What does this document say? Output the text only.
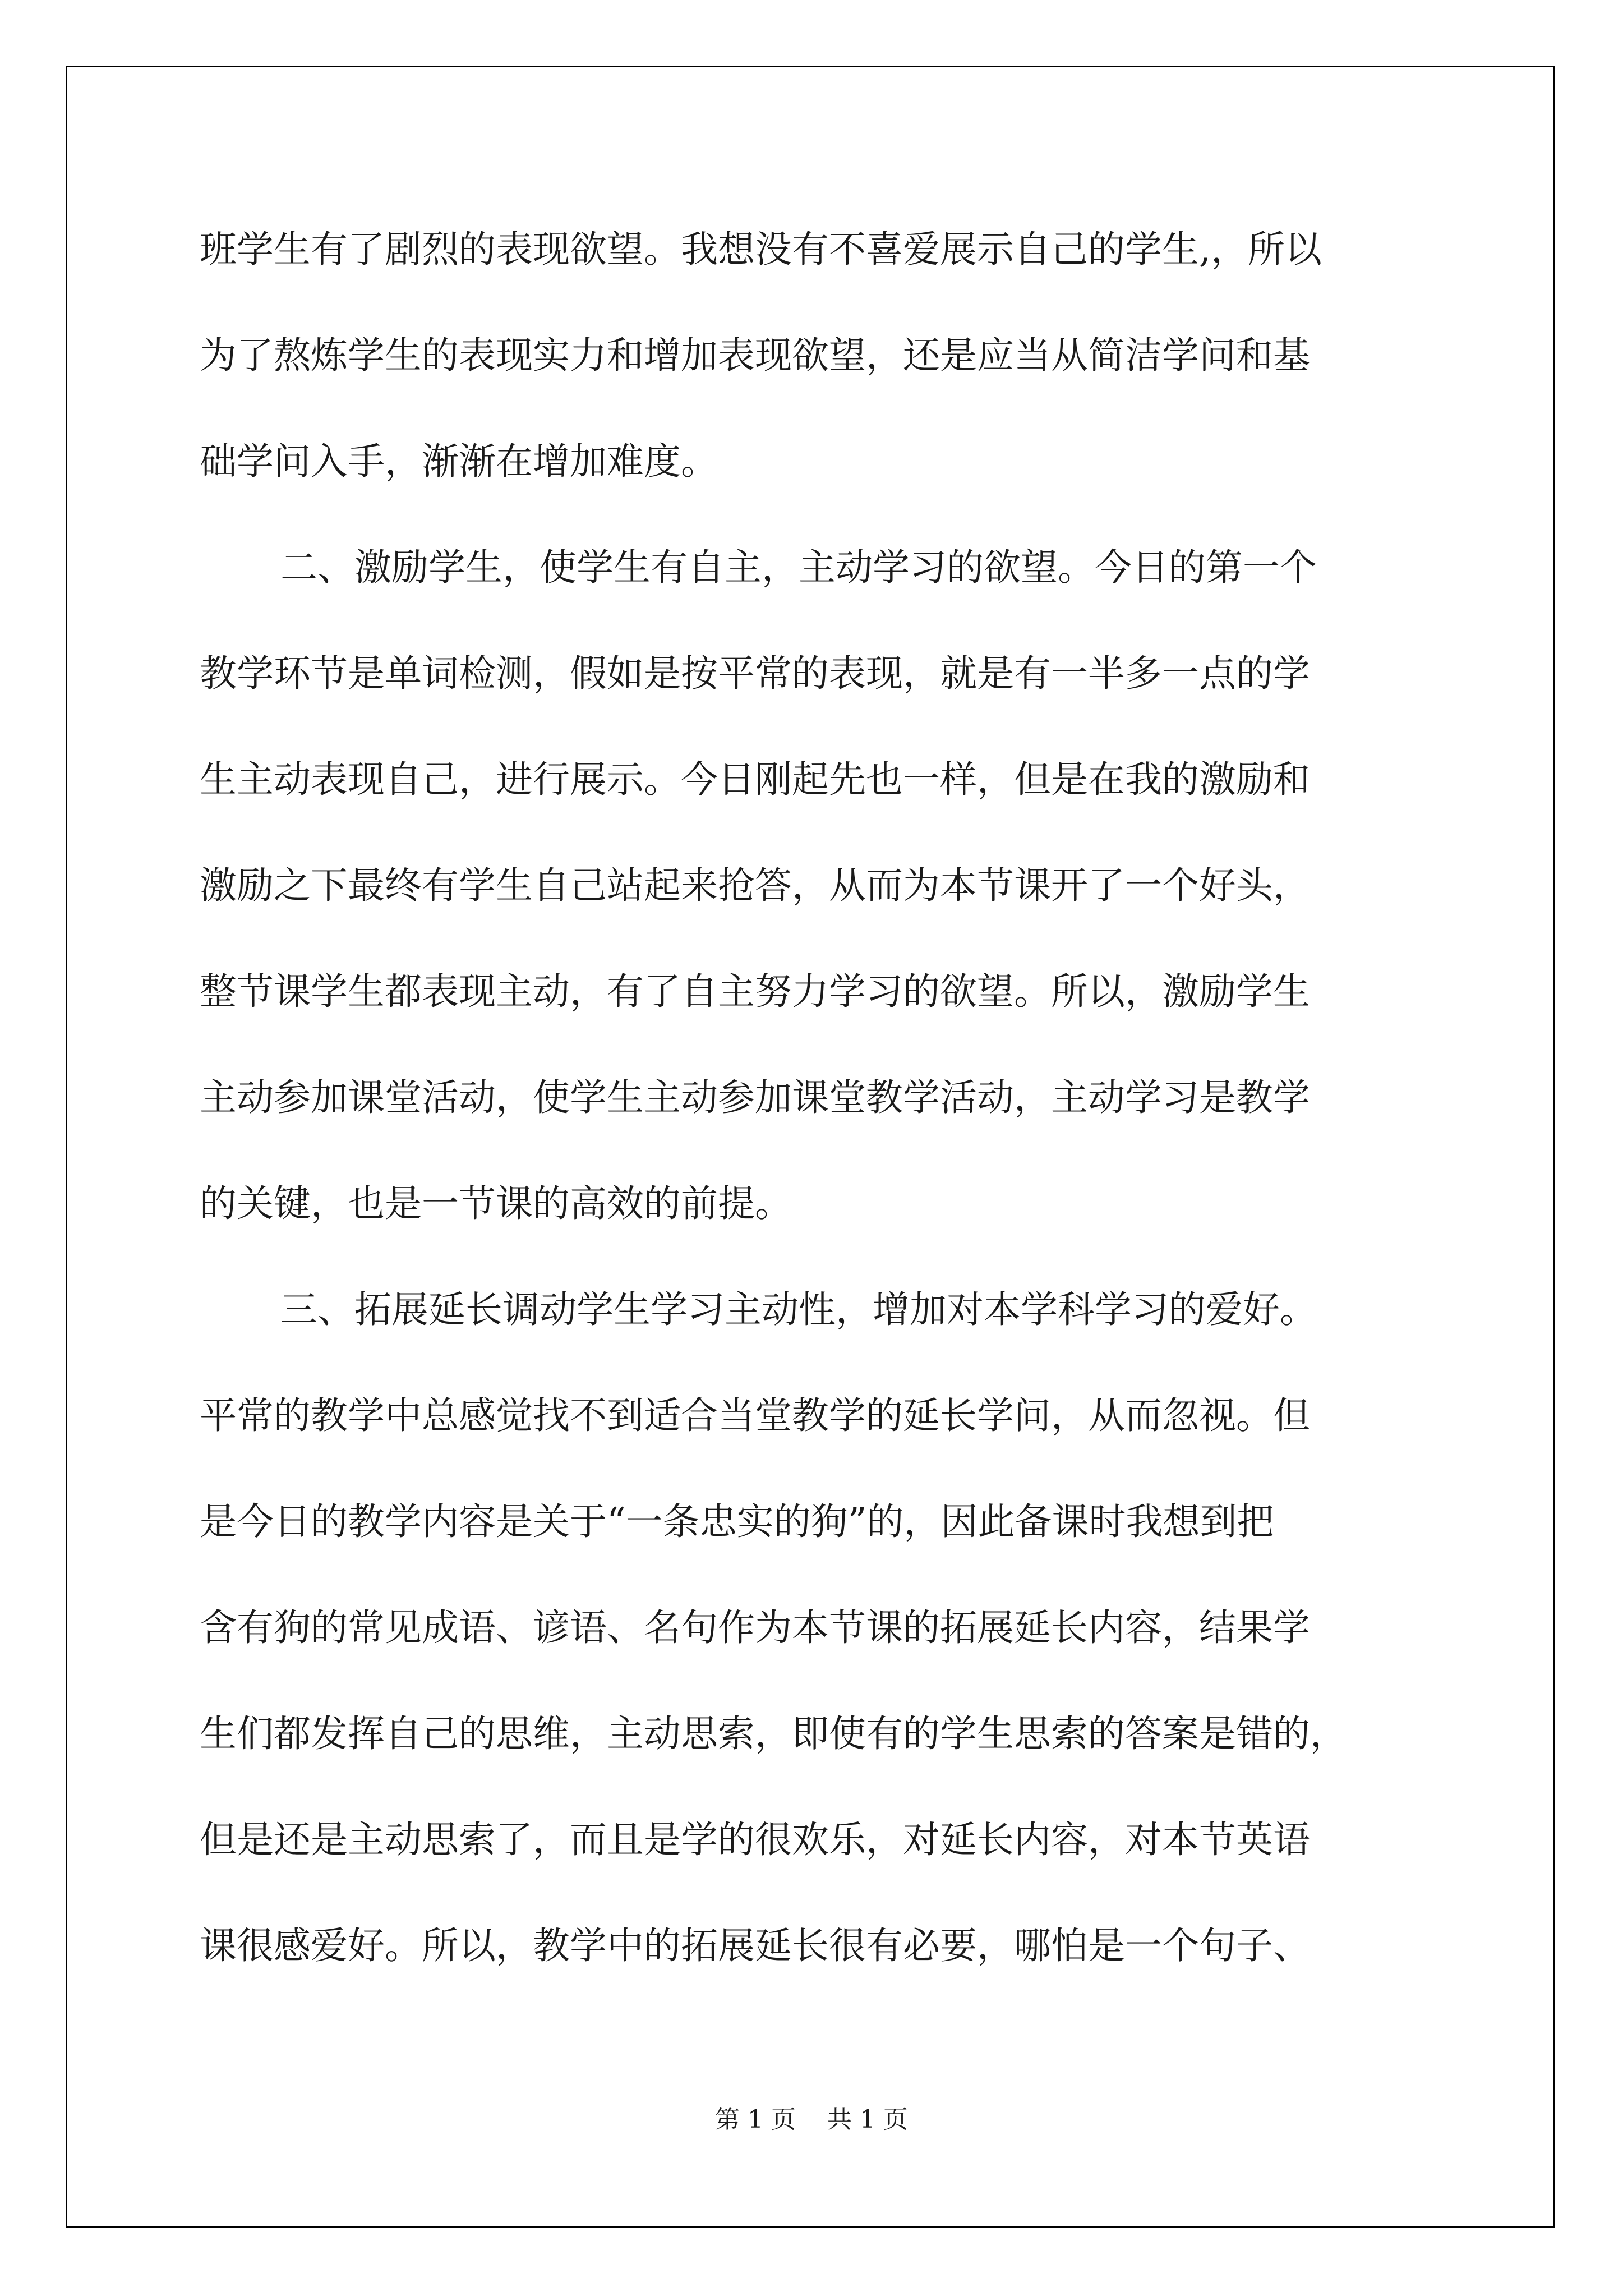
班学生有了剧烈的表现欲望。我想没有不喜爱展示自己的学生,，所以
为了熬炼学生的表现实力和增加表现欲望，还是应当从简洁学问和基
础学问入手，渐渐在增加难度。
二、激励学生，使学生有自主，主动学习的欲望。今日的第一个
教学环节是单词检测，假如是按平常的表现，就是有一半多一点的学
生主动表现自己，进行展示。今日刚起先也一样，但是在我的激励和
激励之下最终有学生自己站起来抢答，从而为本节课开了一个好头，
整节课学生都表现主动，有了自主努力学习的欲望。所以，激励学生
主动参加课堂活动，使学生主动参加课堂教学活动，主动学习是教学
的关键，也是一节课的高效的前提。
三、拓展延长调动学生学习主动性，增加对本学科学习的爱好。
平常的教学中总感觉找不到适合当堂教学的延长学问，从而忽视。但
是今日的教学内容是关于“一条忠实的狗”的，因此备课时我想到把
含有狗的常见成语、谚语、名句作为本节课的拓展延长内容，结果学
生们都发挥自己的思维，主动思索，即使有的学生思索的答案是错的，
但是还是主动思索了，而且是学的很欢乐，对延长内容，对本节英语
课很感爱好。所以，教学中的拓展延长很有必要，哪怕是一个句子、
第 1 页    共 1 页
